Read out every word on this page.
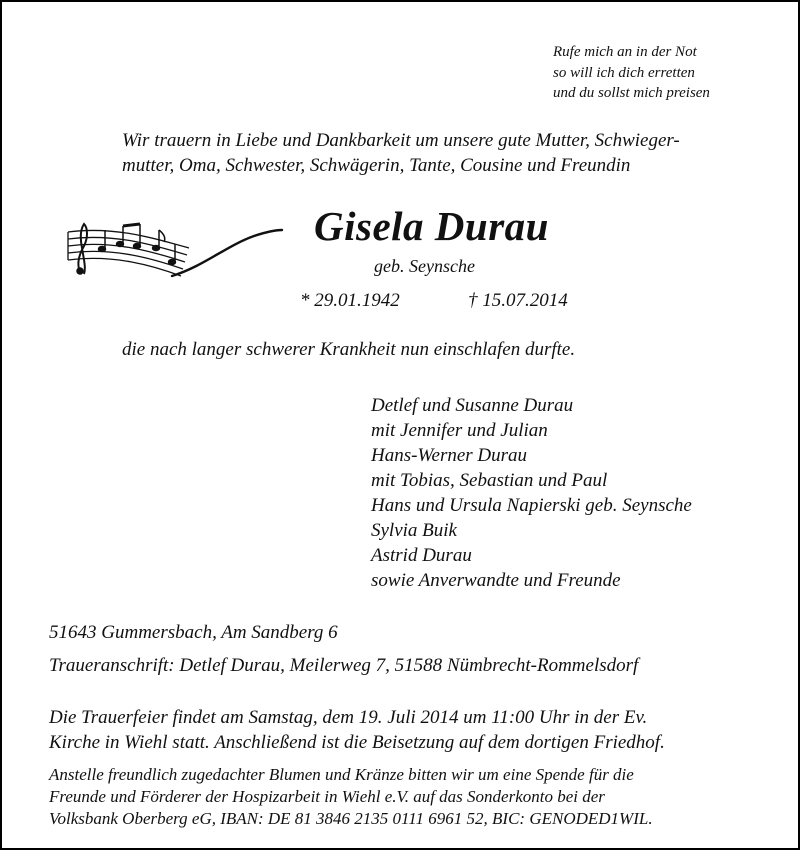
Rufe mich an in der Not
so will ich dich erretten
und du sollst mich preisen
Wir trauern in Liebe und Dankbarkeit um unsere gute Mutter, Schwieger-
mutter, Oma, Schwester, Schwägerin, Tante, Cousine und Freundin
Gisela Durau
geb. Seynsche
* 29.01.1942	† 15.07.2014
die nach langer schwerer Krankheit nun einschlafen durfte.
Detlef und Susanne Durau
mit Jennifer und Julian
Hans-Werner Durau
mit Tobias, Sebastian und Paul
Hans und Ursula Napierski geb. Seynsche
Sylvia Buik
Astrid Durau
sowie Anverwandte und Freunde
51643 Gummersbach, Am Sandberg 6
Traueranschrift: Detlef Durau, Meilerweg 7, 51588 Nümbrecht-Rommelsdorf
Die Trauerfeier findet am Samstag, dem 19. Juli 2014 um 11:00 Uhr in der Ev.
Kirche in Wiehl statt. Anschließend ist die Beisetzung auf dem dortigen Friedhof.
Anstelle freundlich zugedachter Blumen und Kränze bitten wir um eine Spende für die
Freunde und Förderer der Hospizarbeit in Wiehl e.V. auf das Sonderkonto bei der
Volksbank Oberberg eG, IBAN: DE 81 3846 2135 0111 6961 52, BIC: GENODED1WIL.
